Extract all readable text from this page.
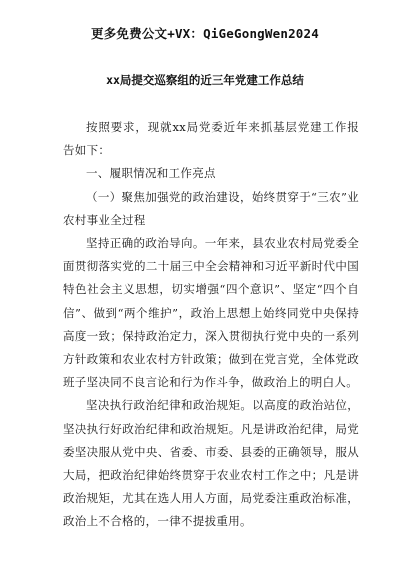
更多免费公文+VX：QiGeGongWen2024
xx局提交巡察组的近三年党建工作总结

按照要求，现就xx局党委近年来抓基层党建工作报告如下：

一、履职情况和工作亮点

（一）聚焦加强党的政治建设，始终贯穿于“三农”业农村事业全过程

坚持正确的政治导向。一年来，县农业农村局党委全面贯彻落实党的二十届三中全会精神和习近平新时代中国特色社会主义思想，切实增强“四个意识”、坚定“四个自信”、做到“两个维护”，政治上思想上始终同党中央保持高度一致；保持政治定力，深入贯彻执行党中央的一系列方针政策和农业农村方针政策；做到在党言党，全体党政班子坚决同不良言论和行为作斗争，做政治上的明白人。

坚决执行政治纪律和政治规矩。以高度的政治站位，坚决执行好政治纪律和政治规矩。凡是讲政治纪律，局党委坚决服从党中央、省委、市委、县委的正确领导，服从大局，把政治纪律始终贯穿于农业农村工作之中；凡是讲政治规矩，尤其在选人用人方面，局党委注重政治标准，政治上不合格的，一律不提拔重用。
